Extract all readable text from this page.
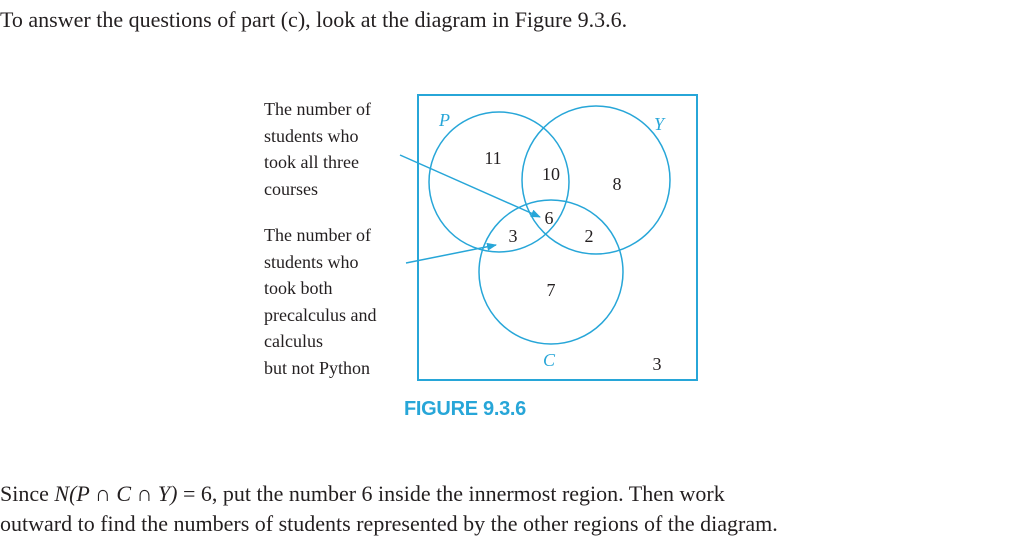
To answer the questions of part (c), look at the diagram in Figure 9.3.6.

The number of
students who
took all three
courses
The number of
students who
took both
precalculus and
calculus
but not Python
P	Y
C
11
10	8
6
3	2
7
3
FIGURE 9.3.6

Since N(P ∩ C ∩ Y) = 6, put the number 6 inside the innermost region. Then work
outward to find the numbers of students represented by the other regions of the diagram.
